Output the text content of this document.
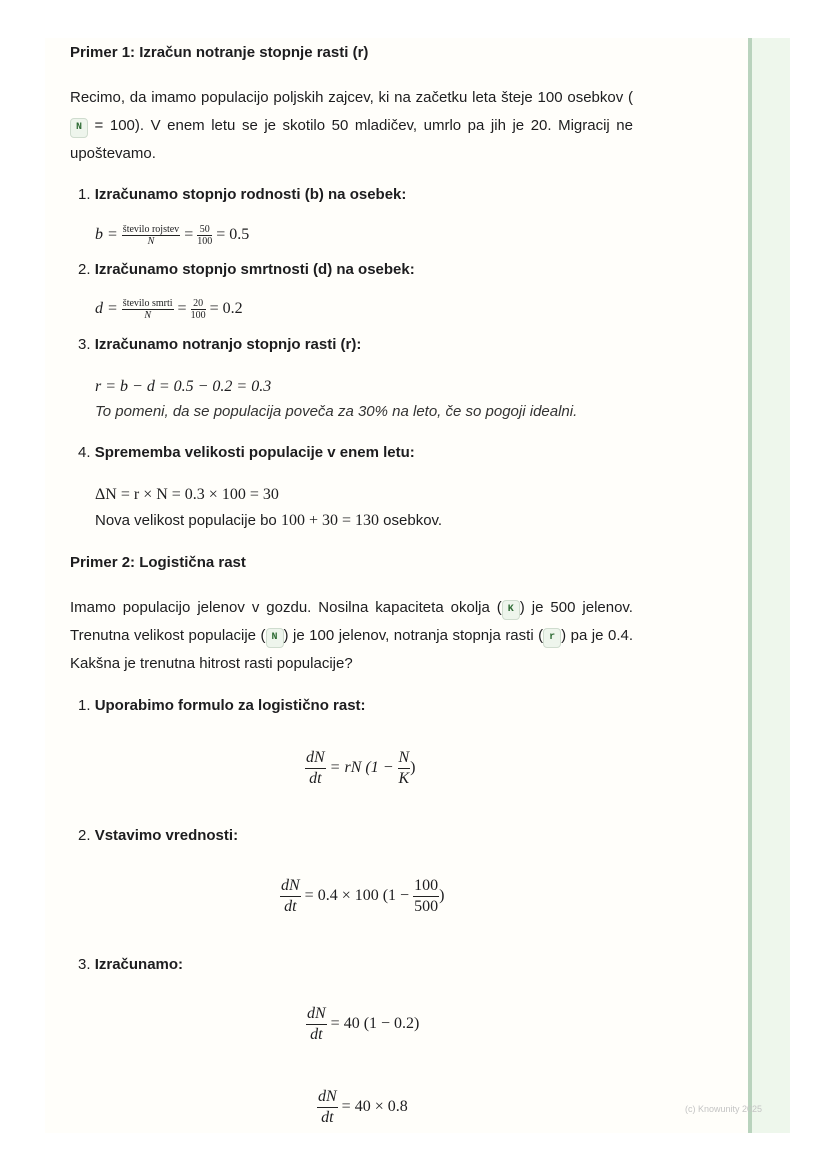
Primer 1: Izračun notranje stopnje rasti (r)
Recimo, da imamo populacijo poljskih zajcev, ki na začetku leta šteje 100 osebkov (N = 100). V enem letu se je skotilo 50 mladičev, umrlo pa jih je 20. Migracij ne upoštevamo.
1. Izračunamo stopnjo rodnosti (b) na osebek:
$b = \frac{\text{število rojstev}}{N} = \frac{50}{100} = 0.5$
2. Izračunamo stopnjo smrtnosti (d) na osebek:
$d = \frac{\text{število smrti}}{N} = \frac{20}{100} = 0.2$
3. Izračunamo notranjo stopnjo rasti (r):
r = b − d = 0.5 − 0.2 = 0.3
To pomeni, da se populacija poveča za 30% na leto, če so pogoji idealni.
4. Sprememba velikosti populacije v enem letu:
ΔN = r × N = 0.3 × 100 = 30
Nova velikost populacije bo 100 + 30 = 130 osebkov.
Primer 2: Logistična rast
Imamo populacijo jelenov v gozdu. Nosilna kapaciteta okolja ( K ) je 500 jelenov. Trenutna velikost populacije ( N ) je 100 jelenov, notranja stopnja rasti ( r ) pa je 0.4. Kakšna je trenutna hitrost rasti populacije?
1. Uporabimo formulo za logistično rast:
$\frac{dN}{dt}$ = rN ($1 - \frac{N}{K}$ )
2. Vstavimo vrednosti:
$\frac{dN}{dt} = 0.4 \times 100$ ($1 - \frac{100}{500}$ )
3. Izračunamo:
$\frac{dN}{dt} = 40$ (1 − 0.2)
$\frac{dN}{dt} = 40 \times 0.8$	(c) Knowunity 2025
